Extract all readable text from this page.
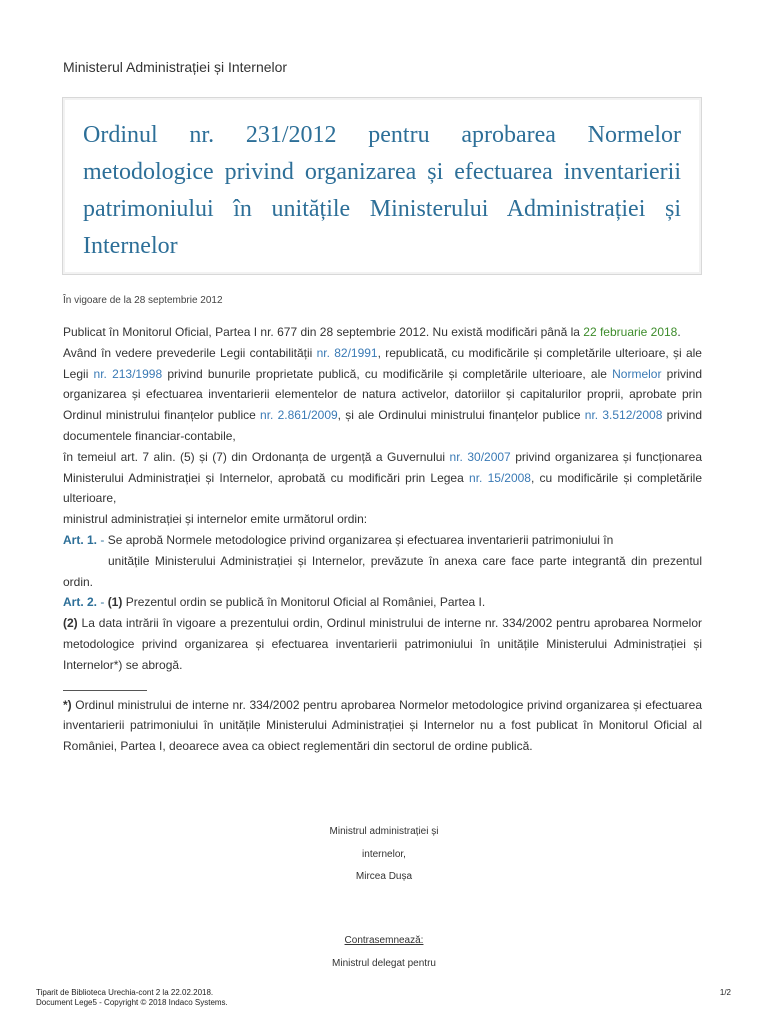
Ministerul Administrației și Internelor
Ordinul nr. 231/2012 pentru aprobarea Normelor metodologice privind organizarea și efectuarea inventarierii patrimoniului în unitățile Ministerului Administrației și Internelor
În vigoare de la 28 septembrie 2012

Publicat în Monitorul Oficial, Partea I nr. 677 din 28 septembrie 2012. Nu există modificări până la 22 februarie 2018.

Având în vedere prevederile Legii contabilității nr. 82/1991, republicată, cu modificările și completările ulterioare, și ale Legii nr. 213/1998 privind bunurile proprietate publică, cu modificările și completările ulterioare, ale Normelor privind organizarea și efectuarea inventarierii elementelor de natura activelor, datoriilor și capitalurilor proprii, aprobate prin Ordinul ministrului finanțelor publice nr. 2.861/2009, și ale Ordinului ministrului finanțelor publice nr. 3.512/2008 privind documentele financiar-contabile,

în temeiul art. 7 alin. (5) și (7) din Ordonanța de urgență a Guvernului nr. 30/2007 privind organizarea și funcționarea Ministerului Administrației și Internelor, aprobată cu modificări prin Legea nr. 15/2008, cu modificările și completările ulterioare,

ministrul administrației și internelor emite următorul ordin:

Art. 1. - Se aprobă Normele metodologice privind organizarea și efectuarea inventarierii patrimoniului în

unitățile Ministerului Administrației și Internelor, prevăzute în anexa care face parte integrantă din prezentul ordin.

Art. 2. - (1) Prezentul ordin se publică în Monitorul Oficial al României, Partea I.

(2) La data intrării în vigoare a prezentului ordin, Ordinul ministrului de interne nr. 334/2002 pentru aprobarea Normelor metodologice privind organizarea și efectuarea inventarierii patrimoniului în unitățile Ministerului Administrației și Internelor*) se abrogă.

*) Ordinul ministrului de interne nr. 334/2002 pentru aprobarea Normelor metodologice privind organizarea și efectuarea inventarierii patrimoniului în unitățile Ministerului Administrației și Internelor nu a fost publicat în Monitorul Oficial al României, Partea I, deoarece avea ca obiect reglementări din sectorul de ordine publică.

Ministrul administrației și
internelor,
Mircea Dușa
Contrasemnează:
Ministrul delegat pentru
Tiparit de Biblioteca Urechia-cont 2 la 22.02.2018.
Document Lege5 - Copyright © 2018 Indaco Systems.
1/2
